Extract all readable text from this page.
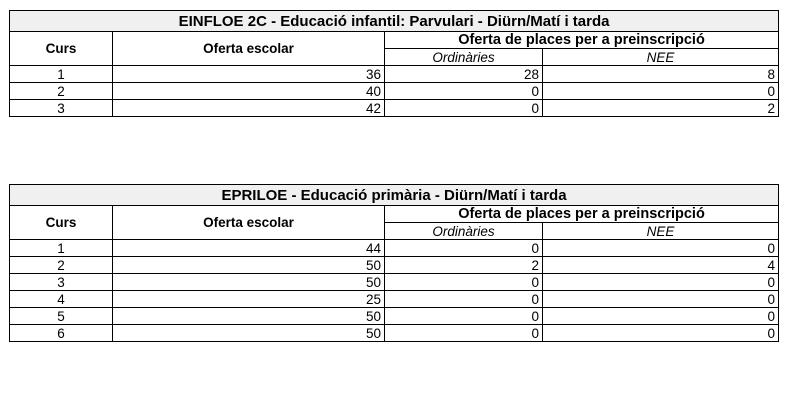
EINFLOE 2C - Educació infantil: Parvulari - Diürn/Matí i tarda			
Curs	Oferta escolar	Oferta de places per a preinscripció	
		Ordinàries	NEE
1	36	28	8
2	40	0	0
3	42	0	2
EPRILOE - Educació primària - Diürn/Matí i tarda			
Curs	Oferta escolar	Oferta de places per a preinscripció	
		Ordinàries	NEE
1	44	0	0
2	50	2	4
3	50	0	0
4	25	0	0
5	50	0	0
6	50	0	0
